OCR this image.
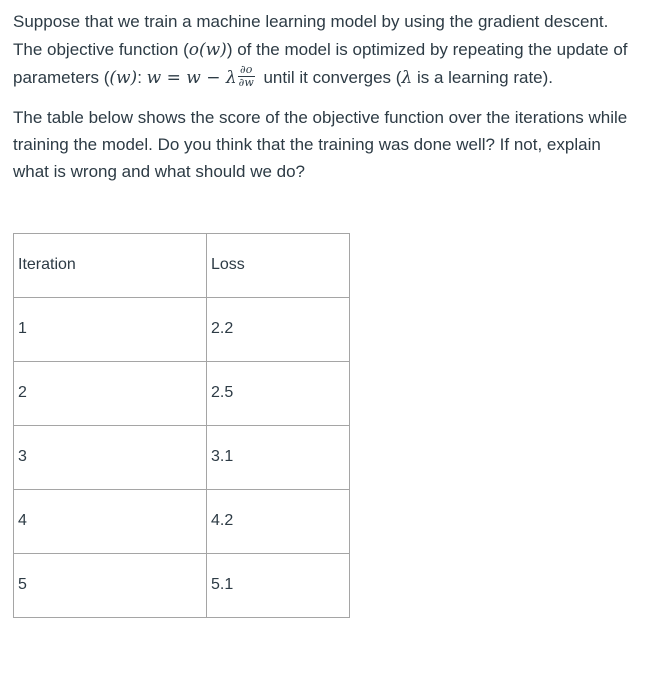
Suppose that we train a machine learning model by using the gradient descent. The objective function (o(w)) of the model is optimized by repeating the update of parameters ((w): w = w − λ $\frac{\partial o}{\partial w}$ until it converges (λ is a learning rate).

The table below shows the score of the objective function over the iterations while training the model. Do you think that the training was done well? If not, explain what is wrong and what should we do?

Iteration	Loss

1	2.2

2	2.5

3	3.1

4	4.2

5	5.1
